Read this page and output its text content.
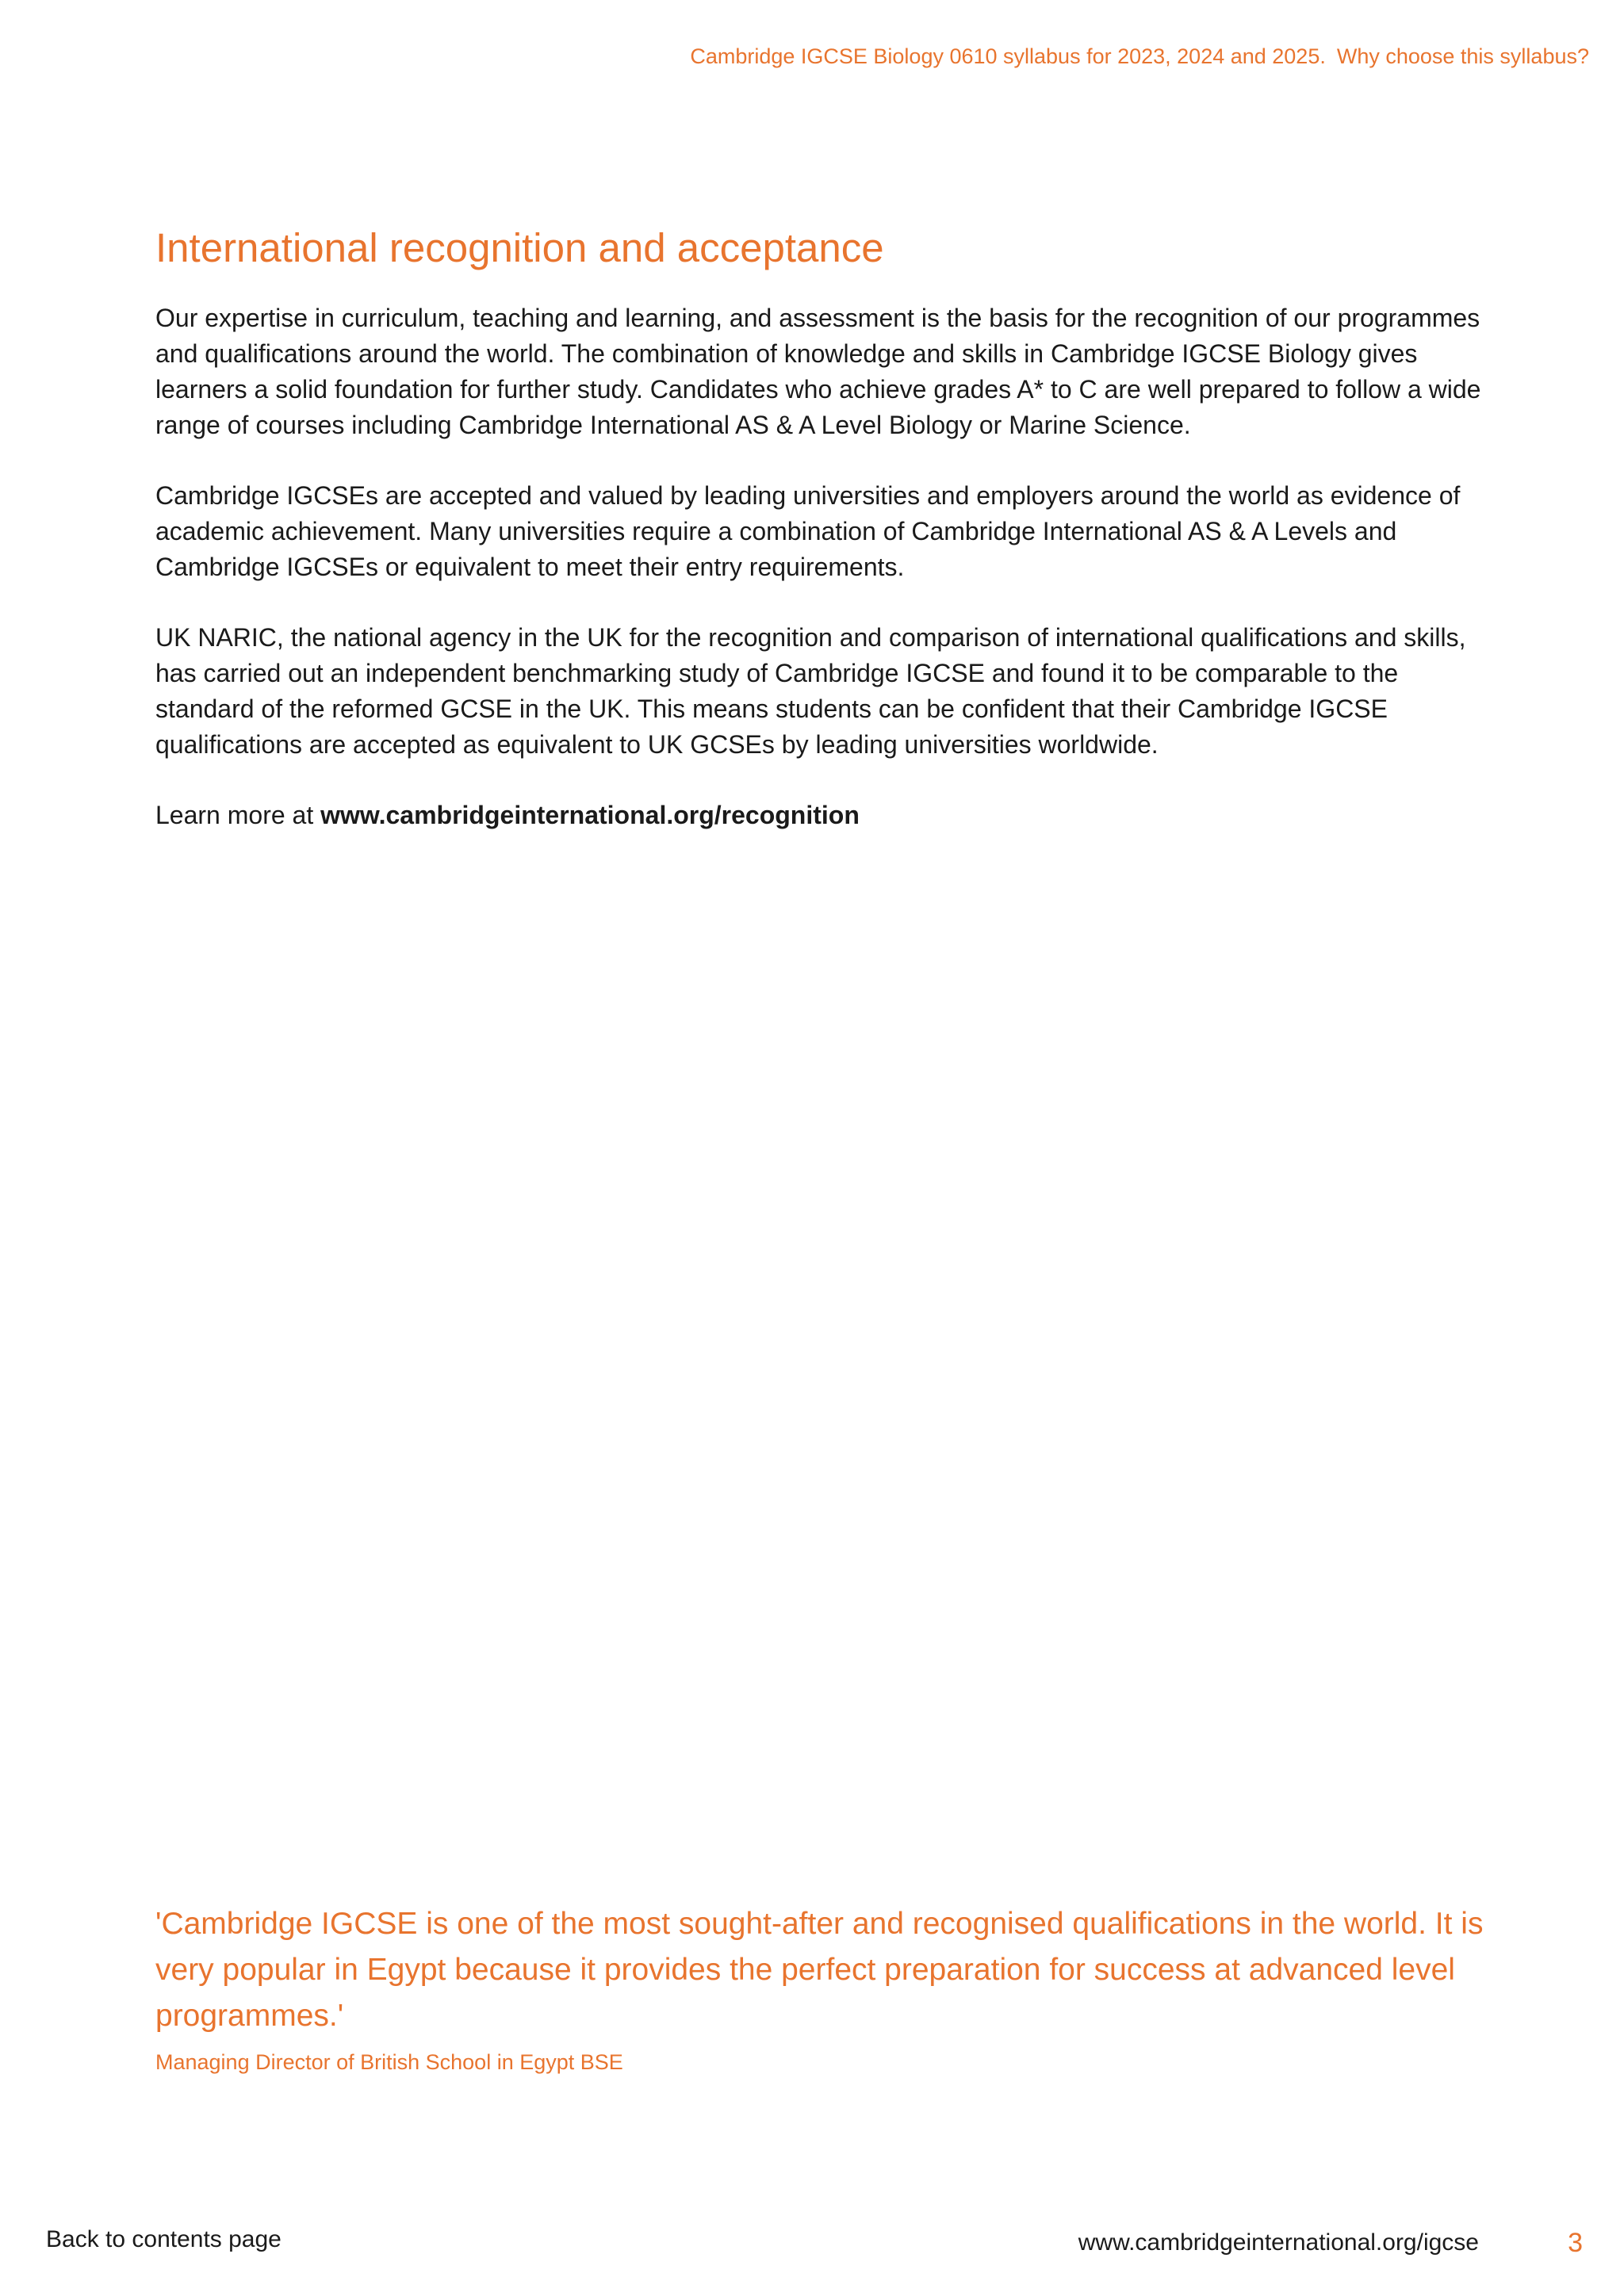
Cambridge IGCSE Biology 0610 syllabus for 2023, 2024 and 2025. Why choose this syllabus?
International recognition and acceptance

Our expertise in curriculum, teaching and learning, and assessment is the basis for the recognition of our programmes and qualifications around the world. The combination of knowledge and skills in Cambridge IGCSE Biology gives learners a solid foundation for further study. Candidates who achieve grades A* to C are well prepared to follow a wide range of courses including Cambridge International AS & A Level Biology or Marine Science.

Cambridge IGCSEs are accepted and valued by leading universities and employers around the world as evidence of academic achievement. Many universities require a combination of Cambridge International AS & A Levels and Cambridge IGCSEs or equivalent to meet their entry requirements.

UK NARIC, the national agency in the UK for the recognition and comparison of international qualifications and skills, has carried out an independent benchmarking study of Cambridge IGCSE and found it to be comparable to the standard of the reformed GCSE in the UK. This means students can be confident that their Cambridge IGCSE qualifications are accepted as equivalent to UK GCSEs by leading universities worldwide.

Learn more at www.cambridgeinternational.org/recognition

'Cambridge IGCSE is one of the most sought-after and recognised qualifications in the world. It is very popular in Egypt because it provides the perfect preparation for success at advanced level programmes.'

Managing Director of British School in Egypt BSE

Back to contents page	www.cambridgeinternational.org/igcse	3
